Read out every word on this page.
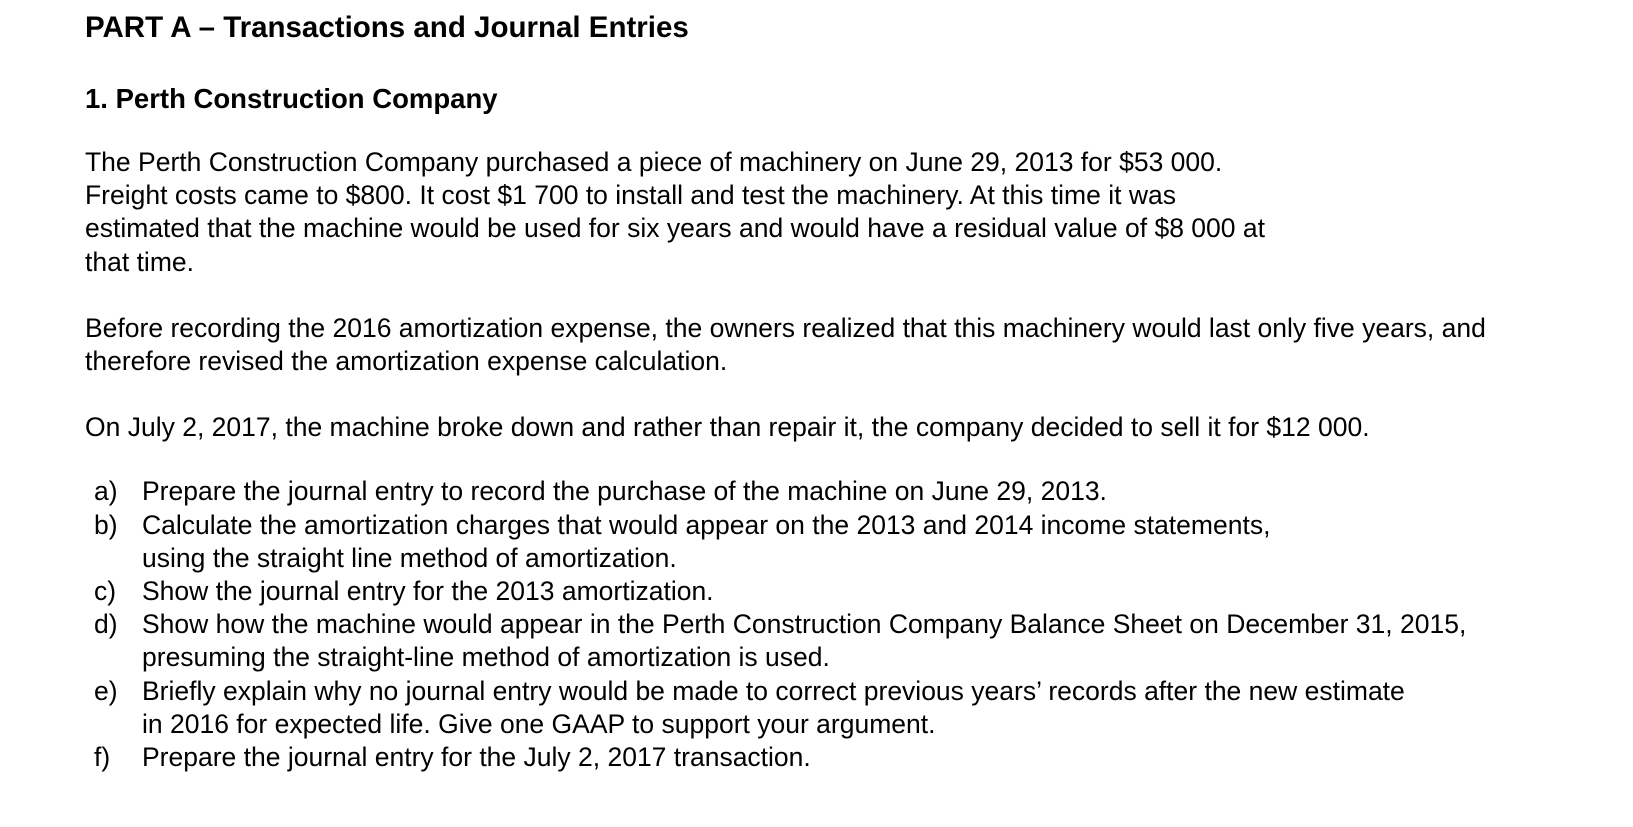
PART A – Transactions and Journal Entries
1. Perth Construction Company

The Perth Construction Company purchased a piece of machinery on June 29, 2013 for $53 000. Freight costs came to $800. It cost $1 700 to install and test the machinery. At this time it was estimated that the machine would be used for six years and would have a residual value of $8 000 at that time.

Before recording the 2016 amortization expense, the owners realized that this machinery would last only five years, and therefore revised the amortization expense calculation.

On July 2, 2017, the machine broke down and rather than repair it, the company decided to sell it for $12 000.

a) Prepare the journal entry to record the purchase of the machine on June 29, 2013.
b) Calculate the amortization charges that would appear on the 2013 and 2014 income statements, using the straight line method of amortization.
c) Show the journal entry for the 2013 amortization.
d) Show how the machine would appear in the Perth Construction Company Balance Sheet on December 31, 2015, presuming the straight-line method of amortization is used.
e) Briefly explain why no journal entry would be made to correct previous years’ records after the new estimate in 2016 for expected life. Give one GAAP to support your argument.
f) Prepare the journal entry for the July 2, 2017 transaction.
